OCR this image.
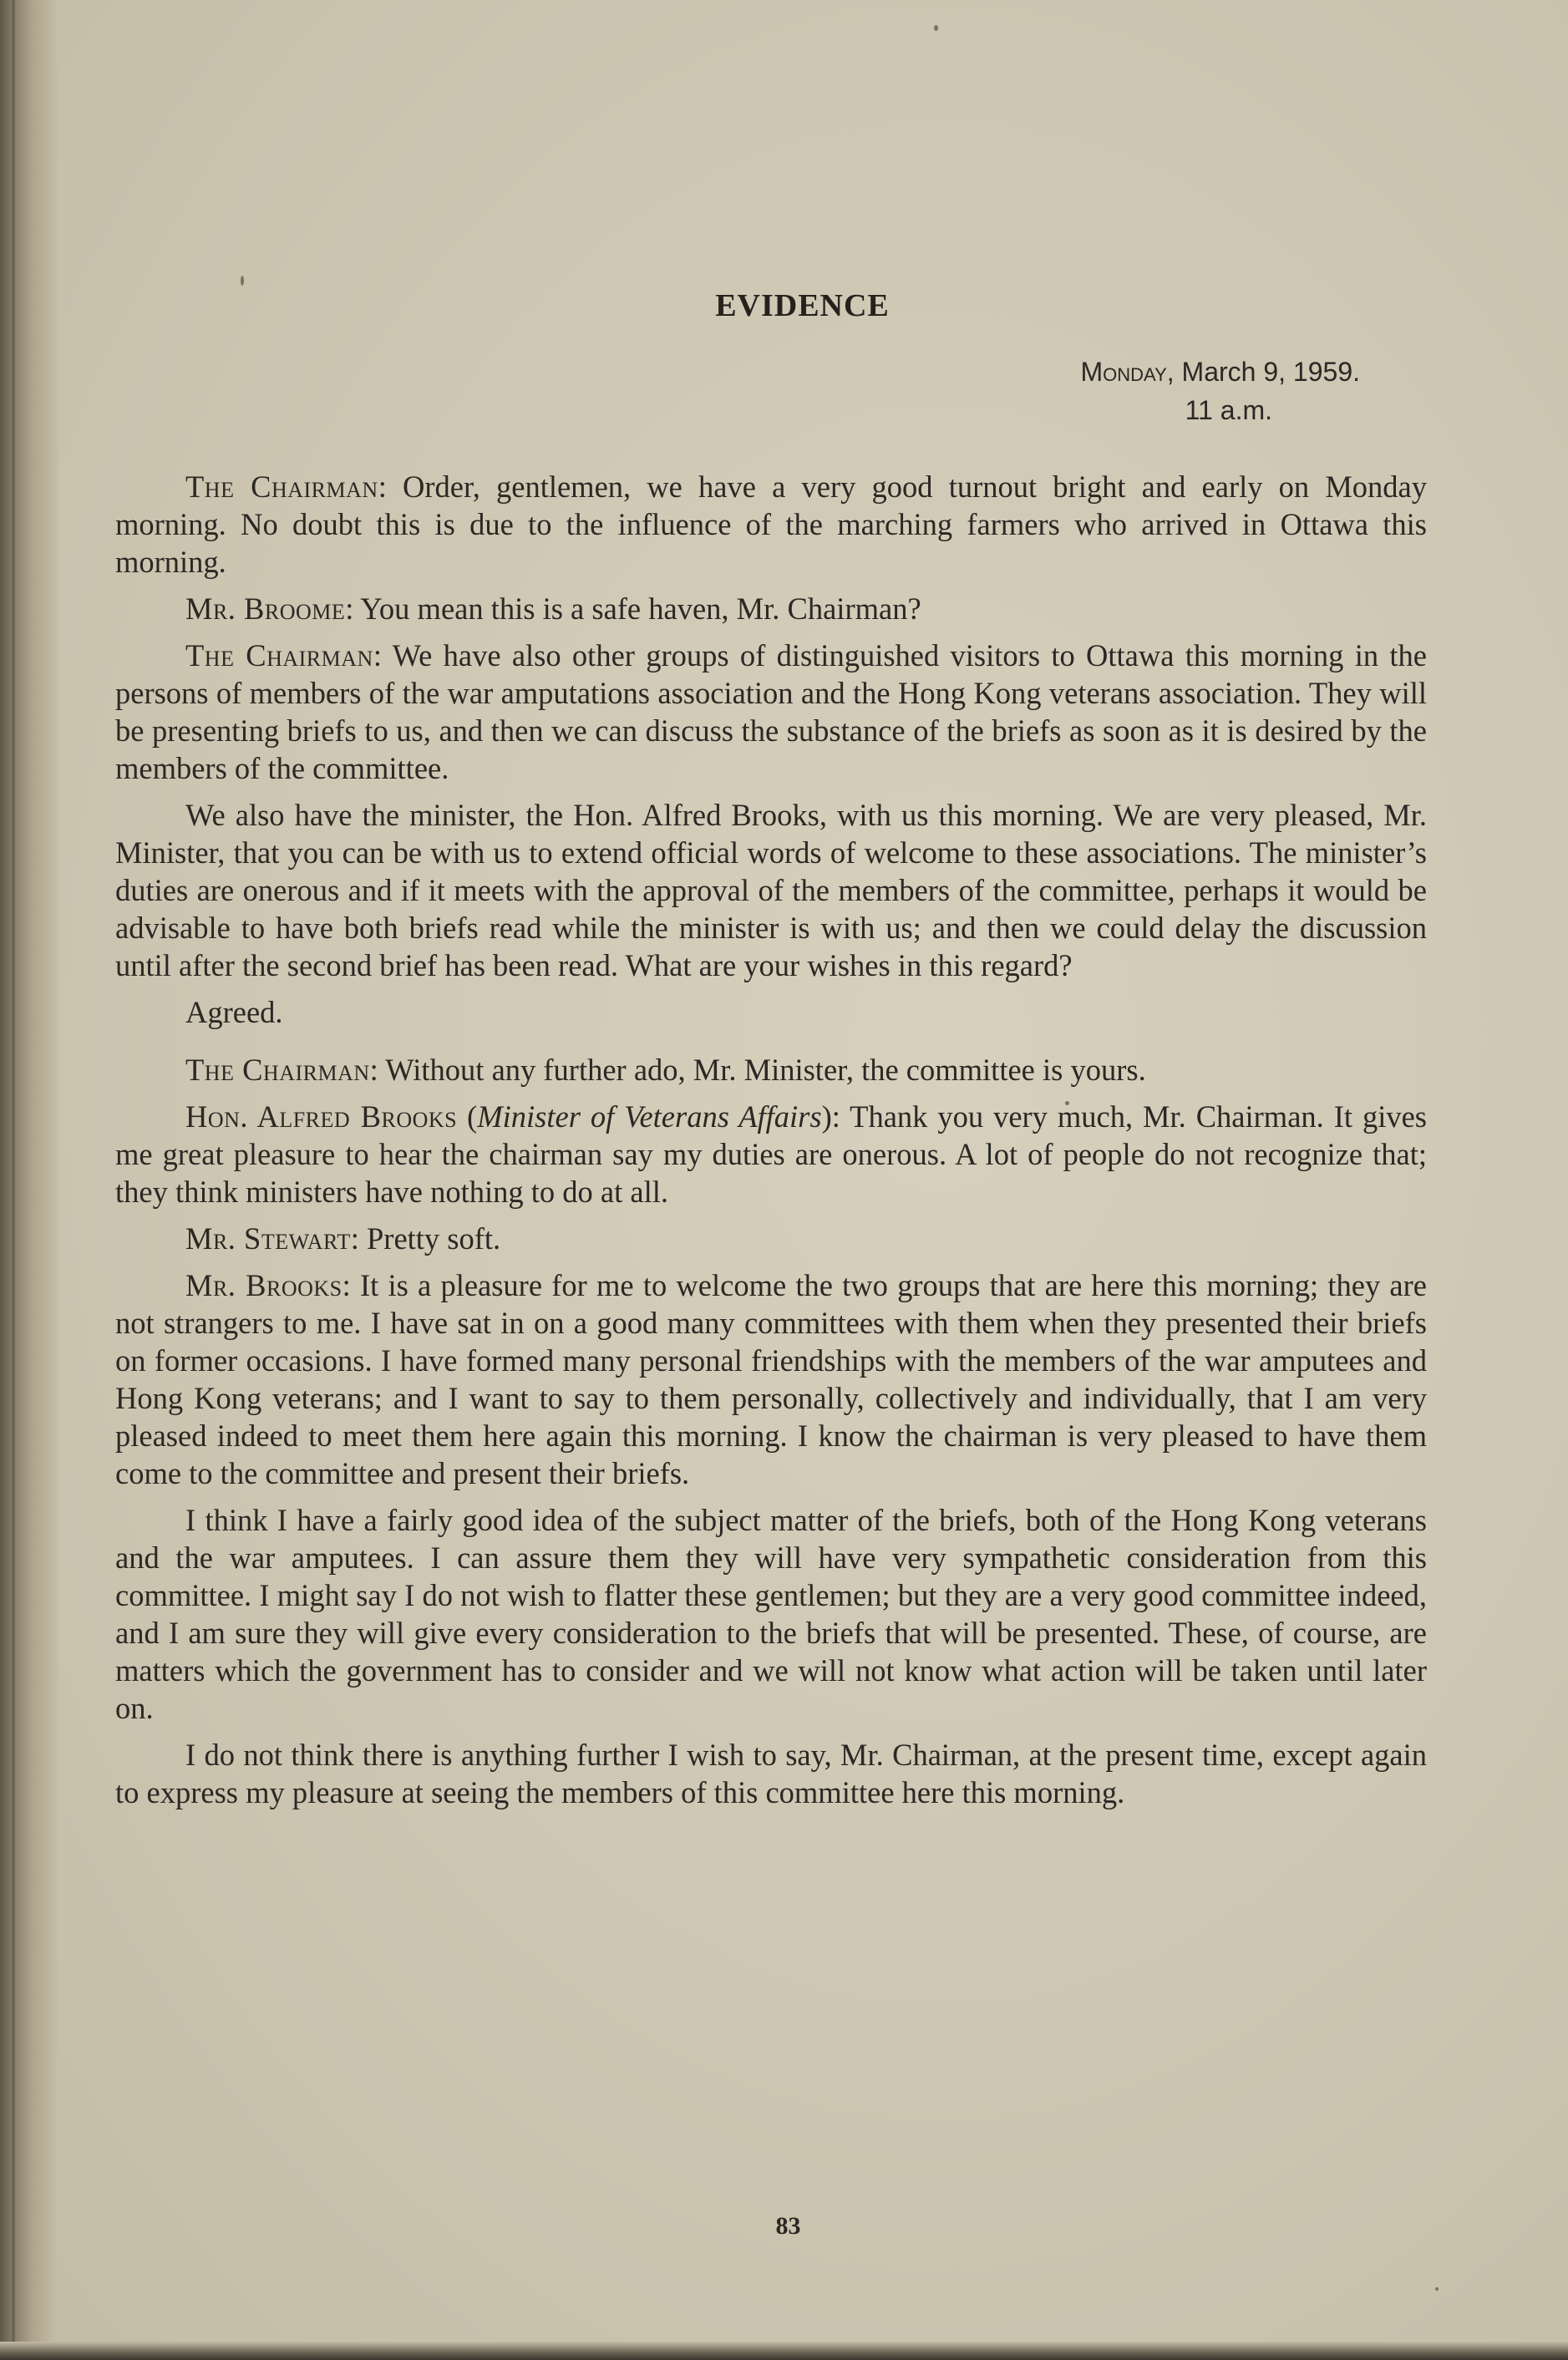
EVIDENCE
Monday, March 9, 1959.
11 a.m.

The Chairman: Order, gentlemen, we have a very good turnout bright and early on Monday morning. No doubt this is due to the influence of the marching farmers who arrived in Ottawa this morning.

Mr. Broome: You mean this is a safe haven, Mr. Chairman?

The Chairman: We have also other groups of distinguished visitors to Ottawa this morning in the persons of members of the war amputations association and the Hong Kong veterans association. They will be presenting briefs to us, and then we can discuss the substance of the briefs as soon as it is desired by the members of the committee.

We also have the minister, the Hon. Alfred Brooks, with us this morning. We are very pleased, Mr. Minister, that you can be with us to extend official words of welcome to these associations. The minister’s duties are onerous and if it meets with the approval of the members of the committee, perhaps it would be advisable to have both briefs read while the minister is with us; and then we could delay the discussion until after the second brief has been read. What are your wishes in this regard?

Agreed.

The Chairman: Without any further ado, Mr. Minister, the committee is yours.

Hon. Alfred Brooks (Minister of Veterans Affairs): Thank you very much, Mr. Chairman. It gives me great pleasure to hear the chairman say my duties are onerous. A lot of people do not recognize that; they think ministers have nothing to do at all.

Mr. Stewart: Pretty soft.

Mr. Brooks: It is a pleasure for me to welcome the two groups that are here this morning; they are not strangers to me. I have sat in on a good many committees with them when they presented their briefs on former occasions. I have formed many personal friendships with the members of the war amputees and Hong Kong veterans; and I want to say to them personally, collectively and individually, that I am very pleased indeed to meet them here again this morning. I know the chairman is very pleased to have them come to the committee and present their briefs.

I think I have a fairly good idea of the subject matter of the briefs, both of the Hong Kong veterans and the war amputees. I can assure them they will have very sympathetic consideration from this committee. I might say I do not wish to flatter these gentlemen; but they are a very good committee indeed, and I am sure they will give every consideration to the briefs that will be presented. These, of course, are matters which the government has to consider and we will not know what action will be taken until later on.

I do not think there is anything further I wish to say, Mr. Chairman, at the present time, except again to express my pleasure at seeing the members of this committee here this morning.

83
